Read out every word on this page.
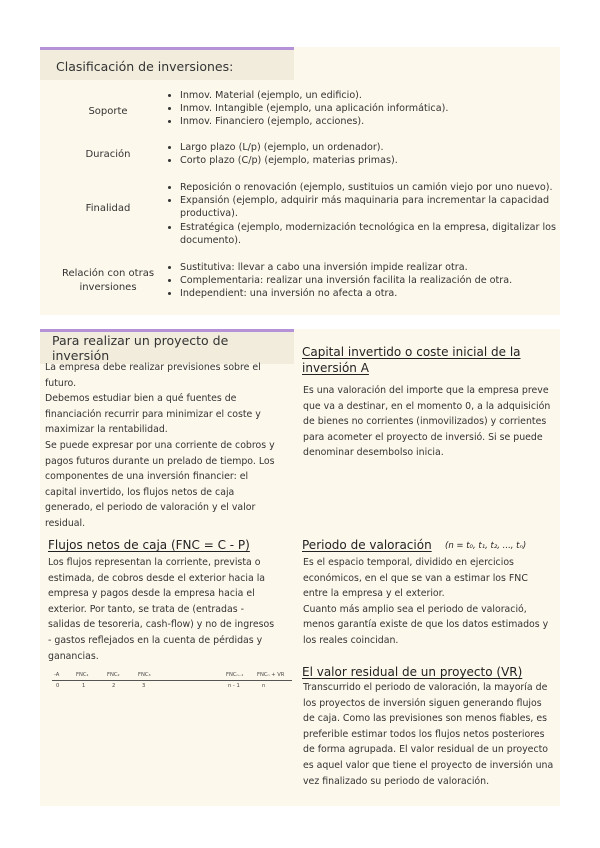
Clasificación de inversiones:
Soporte
• Inmov. Material (ejemplo, un edificio).
• Inmov. Intangible (ejemplo, una aplicación informática).
• Inmov. Financiero (ejemplo, acciones).
Duración
• Largo plazo (L/p) (ejemplo, un ordenador).
• Corto plazo (C/p) (ejemplo, materias primas).
Finalidad
• Reposición o renovación (ejemplo, sustituios un camión viejo por uno nuevo).
• Expansión (ejemplo, adquirir más maquinaria para incrementar la capacidad productiva).
• Estratégica (ejemplo, modernización tecnológica en la empresa, digitalizar los documento).
Relación con otras inversiones
• Sustitutiva: llevar a cabo una inversión impide realizar otra.
• Complementaria: realizar una inversión facilita la realización de otra.
• Independient: una inversión no afecta a otra.
Para realizar un proyecto de inversión
La empresa debe realizar previsiones sobre el
futuro.
Debemos estudiar bien a qué fuentes de
financiación recurrir para minimizar el coste y
maximizar la rentabilidad.
Se puede expresar por una corriente de cobros y
pagos futuros durante un prelado de tiempo. Los
componentes de una inversión financier: el
capital invertido, los flujos netos de caja
generado, el periodo de valoración y el valor
residual.
Capital invertido o coste inicial de la inversión A
Es una valoración del importe que la empresa preve
que va a destinar, en el momento 0, a la adquisición
de bienes no corrientes (inmovilizados) y corrientes
para acometer el proyecto de inversió. Si se puede
denominar desembolso inicia.
Flujos netos de caja (FNC = C - P)
Los flujos representan la corriente, prevista o
estimada, de cobros desde el exterior hacia la
empresa y pagos desde la empresa hacia el
exterior. Por tanto, se trata de (entradas -
salidas de tesoreria, cash-flow) y no de ingresos
- gastos reflejados en la cuenta de pérdidas y
ganancias.
-A	FNC₁	FNC₂	FNC₃	FNCₙ₋₁	FNCₙ + VR
0	1	2	3	n - 1	n
Periodo de valoración (n = t₀, t₁, t₂, ..., tₙ)
Es el espacio temporal, dividido en ejercicios
económicos, en el que se van a estimar los FNC
entre la empresa y el exterior.
Cuanto más amplio sea el periodo de valoració,
menos garantía existe de que los datos estimados y
los reales coincidan.
El valor residual de un proyecto (VR)
Transcurrido el periodo de valoración, la mayoría de
los proyectos de inversión siguen generando flujos
de caja. Como las previsiones son menos fiables, es
preferible estimar todos los flujos netos posteriores
de forma agrupada. El valor residual de un proyecto
es aquel valor que tiene el proyecto de inversión una
vez finalizado su periodo de valoración.
